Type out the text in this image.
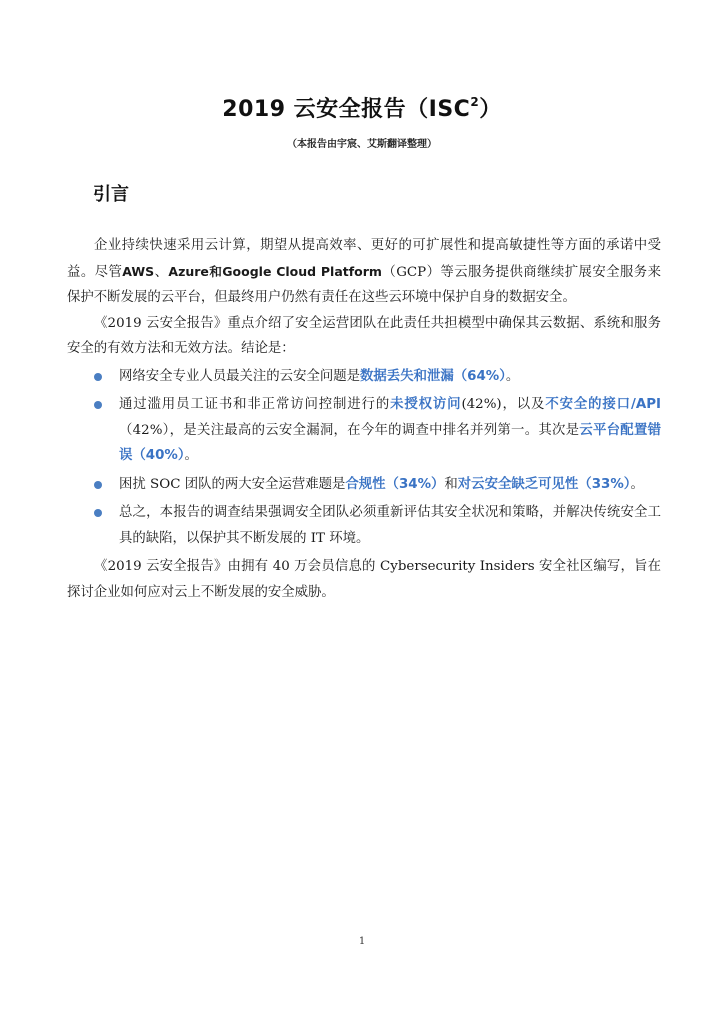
2019 云安全报告（ISC$^2$）
（本报告由宇宸、艾斯翻译整理）
引言

企业持续快速采用云计算，期望从提高效率、更好的可扩展性和提高敏捷性等方面的承诺中受益。尽管AWS、Azure和Google Cloud Platform（GCP）等云服务提供商继续扩展安全服务来保护不断发展的云平台，但最终用户仍然有责任在这些云环境中保护自身的数据安全。

《2019 云安全报告》重点介绍了安全运营团队在此责任共担模型中确保其云数据、系统和服务安全的有效方法和无效方法。结论是：

网络安全专业人员最关注的云安全问题是数据丢失和泄漏（64%）。
通过滥用员工证书和非正常访问控制进行的未授权访问(42%)，以及不安全的接口/API（42%），是关注最高的云安全漏洞，在今年的调查中排名并列第一。其次是云平台配置错误（40%）。
困扰 SOC 团队的两大安全运营难题是合规性（34%）和对云安全缺乏可见性（33%）。
总之，本报告的调查结果强调安全团队必须重新评估其安全状况和策略，并解决传统安全工具的缺陷，以保护其不断发展的 IT 环境。

《2019 云安全报告》由拥有 40 万会员信息的 Cybersecurity Insiders 安全社区编写，旨在探讨企业如何应对云上不断发展的安全威胁。

1
